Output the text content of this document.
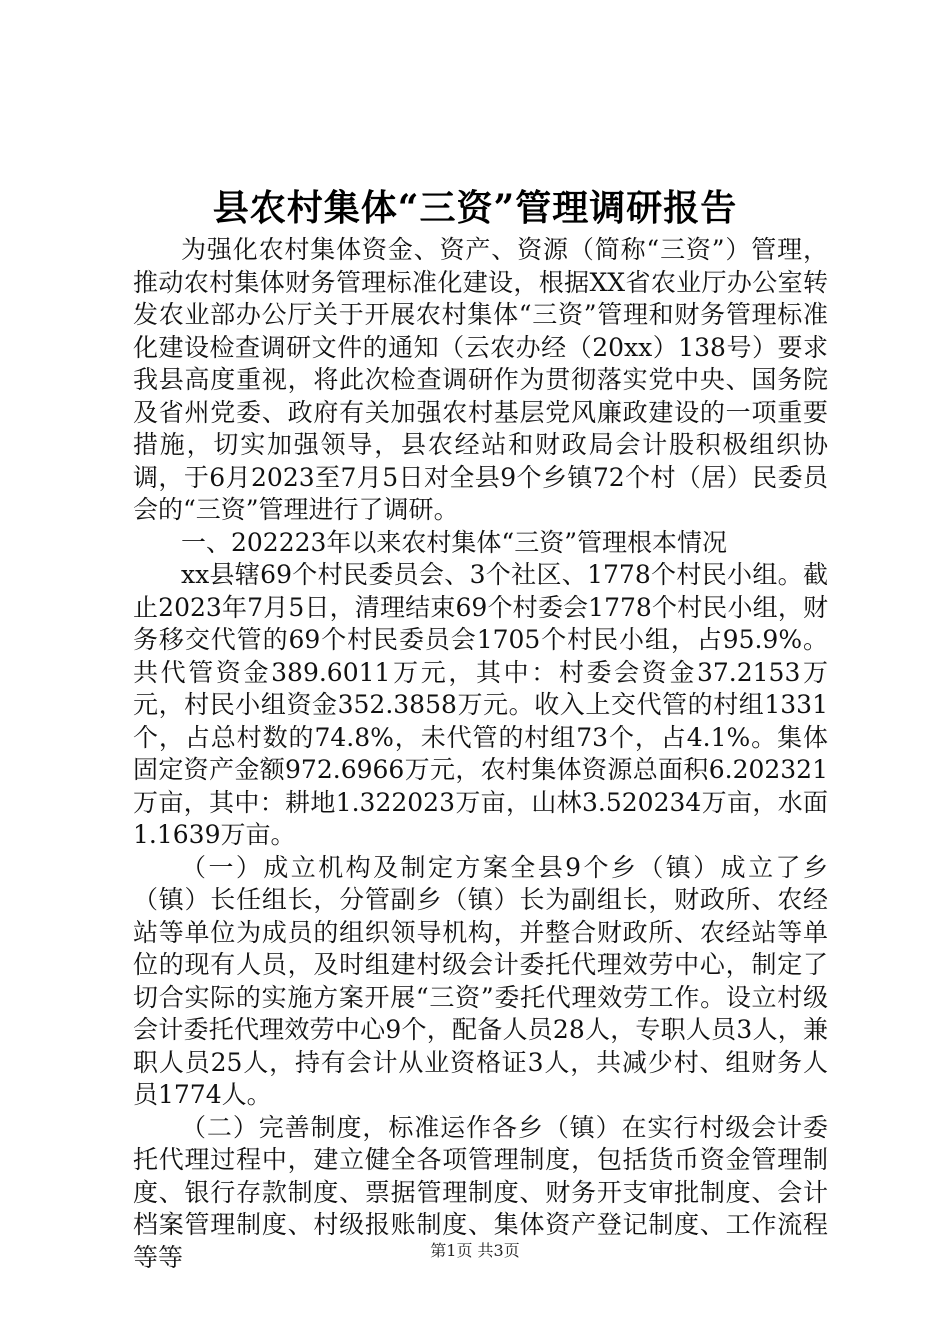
县农村集体“三资”管理调研报告

为强化农村集体资金、资产、资源（简称“三资”）管理，推动农村集体财务管理标准化建设，根据XX省农业厅办公室转发农业部办公厅关于开展农村集体“三资”管理和财务管理标准化建设检查调研文件的通知（云农办经（20xx）138号）要求我县高度重视，将此次检查调研作为贯彻落实党中央、国务院及省州党委、政府有关加强农村基层党风廉政建设的一项重要措施，切实加强领导，县农经站和财政局会计股积极组织协调，于6月2023至7月5日对全县9个乡镇72个村（居）民委员会的“三资”管理进行了调研。

一、202223年以来农村集体“三资”管理根本情况

xx县辖69个村民委员会、3个社区、1778个村民小组。截止2023年7月5日，清理结束69个村委会1778个村民小组，财务移交代管的69个村民委员会1705个村民小组，占95.9%。共代管资金389.6011万元，其中：村委会资金37.2153万元，村民小组资金352.3858万元。收入上交代管的村组1331个，占总村数的74.8%，未代管的村组73个，占4.1%。集体固定资产金额972.6966万元，农村集体资源总面积6.202321万亩，其中：耕地1.322023万亩，山林3.520234万亩，水面1.1639万亩。

（一）成立机构及制定方案全县9个乡（镇）成立了乡（镇）长任组长，分管副乡（镇）长为副组长，财政所、农经站等单位为成员的组织领导机构，并整合财政所、农经站等单位的现有人员，及时组建村级会计委托代理效劳中心，制定了切合实际的实施方案开展“三资”委托代理效劳工作。设立村级会计委托代理效劳中心9个，配备人员28人，专职人员3人，兼职人员25人，持有会计从业资格证3人，共减少村、组财务人员1774人。

（二）完善制度，标准运作各乡（镇）在实行村级会计委托代理过程中，建立健全各项管理制度，包括货币资金管理制度、银行存款制度、票据管理制度、财务开支审批制度、会计档案管理制度、村级报账制度、集体资产登记制度、工作流程等等	第1页 共3页
